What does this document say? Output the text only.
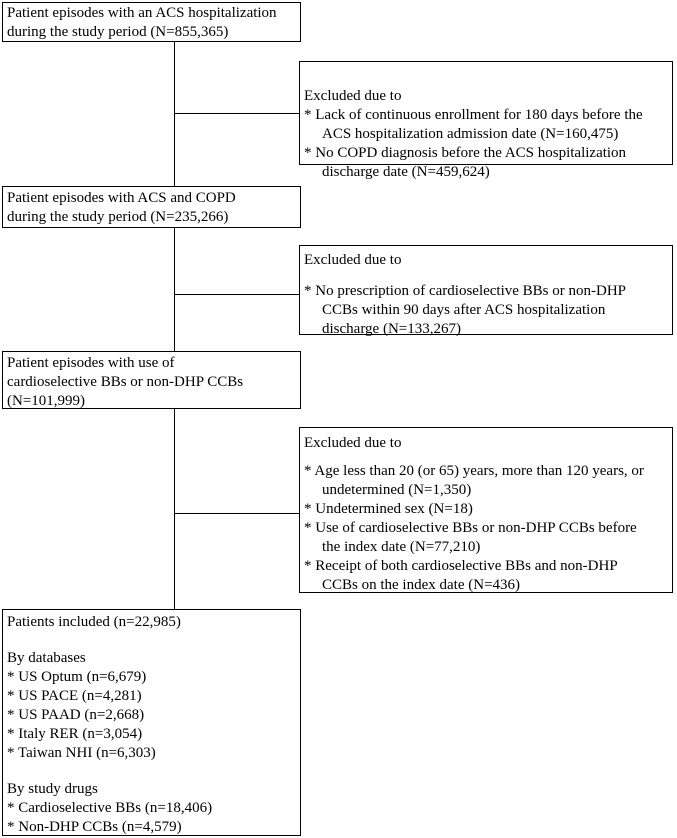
Patient episodes with an ACS hospitalization
during the study period (N=855,365)
Excluded due to
* Lack of continuous enrollment for 180 days before the
ACS hospitalization admission date (N=160,475)
* No COPD diagnosis before the ACS hospitalization
discharge date (N=459,624)
Patient episodes with ACS and COPD
during the study period (N=235,266)
Excluded due to
* No prescription of cardioselective BBs or non-DHP
CCBs within 90 days after ACS hospitalization
discharge (N=133,267)
Patient episodes with use of
cardioselective BBs or non-DHP CCBs
(N=101,999)
Excluded due to
* Age less than 20 (or 65) years, more than 120 years, or
undetermined (N=1,350)
* Undetermined sex (N=18)
* Use of cardioselective BBs or non-DHP CCBs before
the index date (N=77,210)
* Receipt of both cardioselective BBs and non-DHP
CCBs on the index date (N=436)
Patients included (n=22,985)
By databases
* US Optum (n=6,679)
* US PACE (n=4,281)
* US PAAD (n=2,668)
* Italy RER (n=3,054)
* Taiwan NHI (n=6,303)
By study drugs
* Cardioselective BBs (n=18,406)
* Non-DHP CCBs (n=4,579)
